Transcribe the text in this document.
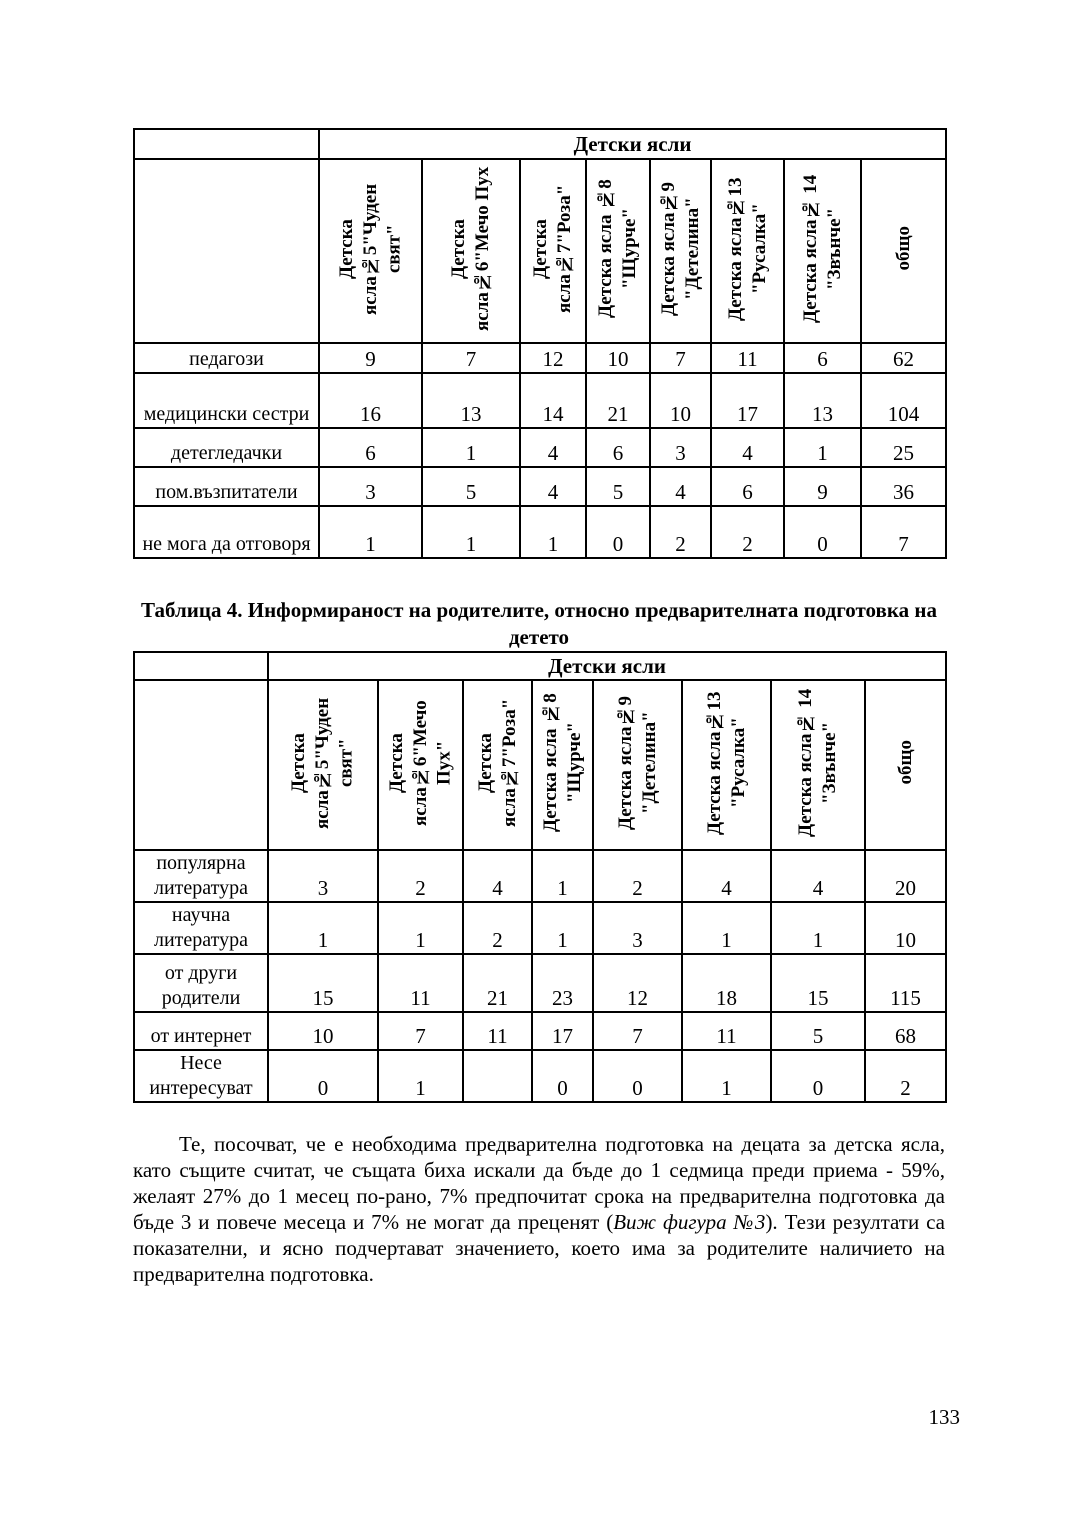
	Детски ясли							
	Детска ясла№5"Чуден свят"	Детска ясла№6"Мечо Пух	Детска ясла№7"Роза"	Детска ясла №8 "Щурче"	Детска ясла№9 "Детелина"	Детска ясла№13 "Русалка"	Детска ясла№ 14 "Звънче"	общо
педагози	9	7	12	10	7	11	6	62
медицински сестри	16	13	14	21	10	17	13	104
детегледачки	6	1	4	6	3	4	1	25
пом.възпитатели	3	5	4	5	4	6	9	36
не мога да отговоря	1	1	1	0	2	2	0	7

Таблица 4. Информираност на родителите, относно предварителната подготовка на детето

	Детски ясли							
	Детска ясла№5"Чуден свят"	Детска ясла№6"Мечо Пух"	Детска ясла№7"Роза"	Детска ясла №8 "Щурче"	Детска ясла№9 "Детелина"	Детска ясла№13 "Русалка"	Детска ясла№ 14 "Звънче"	общо
популярна литература	3	2	4	1	2	4	4	20
научна литература	1	1	2	1	3	1	1	10
от други родители	15	11	21	23	12	18	15	115
от интернет	10	7	11	17	7	11	5	68
Несе интересуват	0	1		0	0	1	0	2

Те, посочват, че е необходима предварителна подготовка на децата за детска ясла, като същите считат, че същата биха искали да бъде до 1 седмица преди приема - 59%, желаят 27% до 1 месец по-рано, 7% предпочитат срока на предварителна подготовка да бъде 3 и повече месеца и 7% не могат да преценят (Виж фигура №3). Тези резултати са показателни, и ясно подчертават значението, което има за родителите наличието на предварителна подготовка.

133
